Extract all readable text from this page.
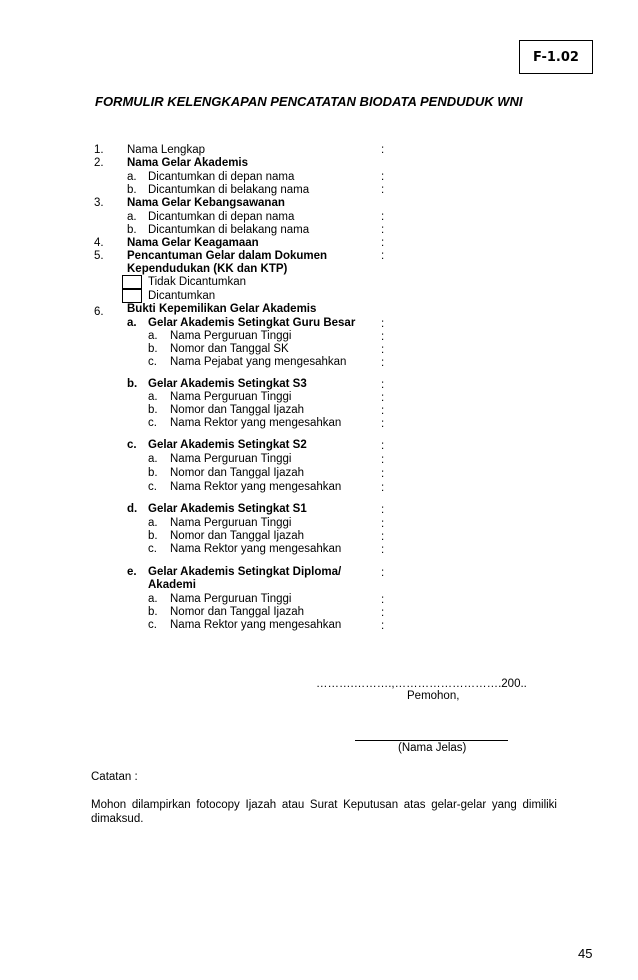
F-1.02
FORMULIR KELENGKAPAN PENCATATAN BIODATA PENDUDUK WNI
1. Nama Lengkap	:
2. Nama Gelar Akademis
a. Dicantumkan di depan nama	:
b. Dicantumkan di belakang nama	:
3. Nama Gelar Kebangsawanan
a. Dicantumkan di depan nama	:
b. Dicantumkan di belakang nama	:
4. Nama Gelar Keagamaan	:
5. Pencantuman Gelar dalam Dokumen
Kependudukan (KK dan KTP)
:
Tidak Dicantumkan
Dicantumkan
6. Bukti Kepemilikan Gelar Akademis
a. Gelar Akademis Setingkat Guru Besar :
a. Nama Perguruan Tinggi	:
b. Nomor dan Tanggal SK	:
c. Nama Pejabat yang mengesahkan	:
b. Gelar Akademis Setingkat S3	:
a. Nama Perguruan Tinggi	:
b. Nomor dan Tanggal Ijazah	:
c. Nama Rektor yang mengesahkan	:
c. Gelar Akademis Setingkat S2	:
a. Nama Perguruan Tinggi	:
b. Nomor dan Tanggal Ijazah	:
c. Nama Rektor yang mengesahkan	:
d. Gelar Akademis Setingkat S1	:
a. Nama Perguruan Tinggi	:
b. Nomor dan Tanggal Ijazah	:
c. Nama Rektor yang mengesahkan	:
e. Gelar Akademis Setingkat Diploma/
Akademi
:
a. Nama Perguruan Tinggi	:
b. Nomor dan Tanggal Ijazah	:
c. Nama Rektor yang mengesahkan	:
……….……….,……………………….200..
Pemohon,
(Nama Jelas)
Catatan :
Mohon dilampirkan fotocopy Ijazah atau Surat Keputusan atas gelar-gelar yang dimiliki dimaksud.
45
